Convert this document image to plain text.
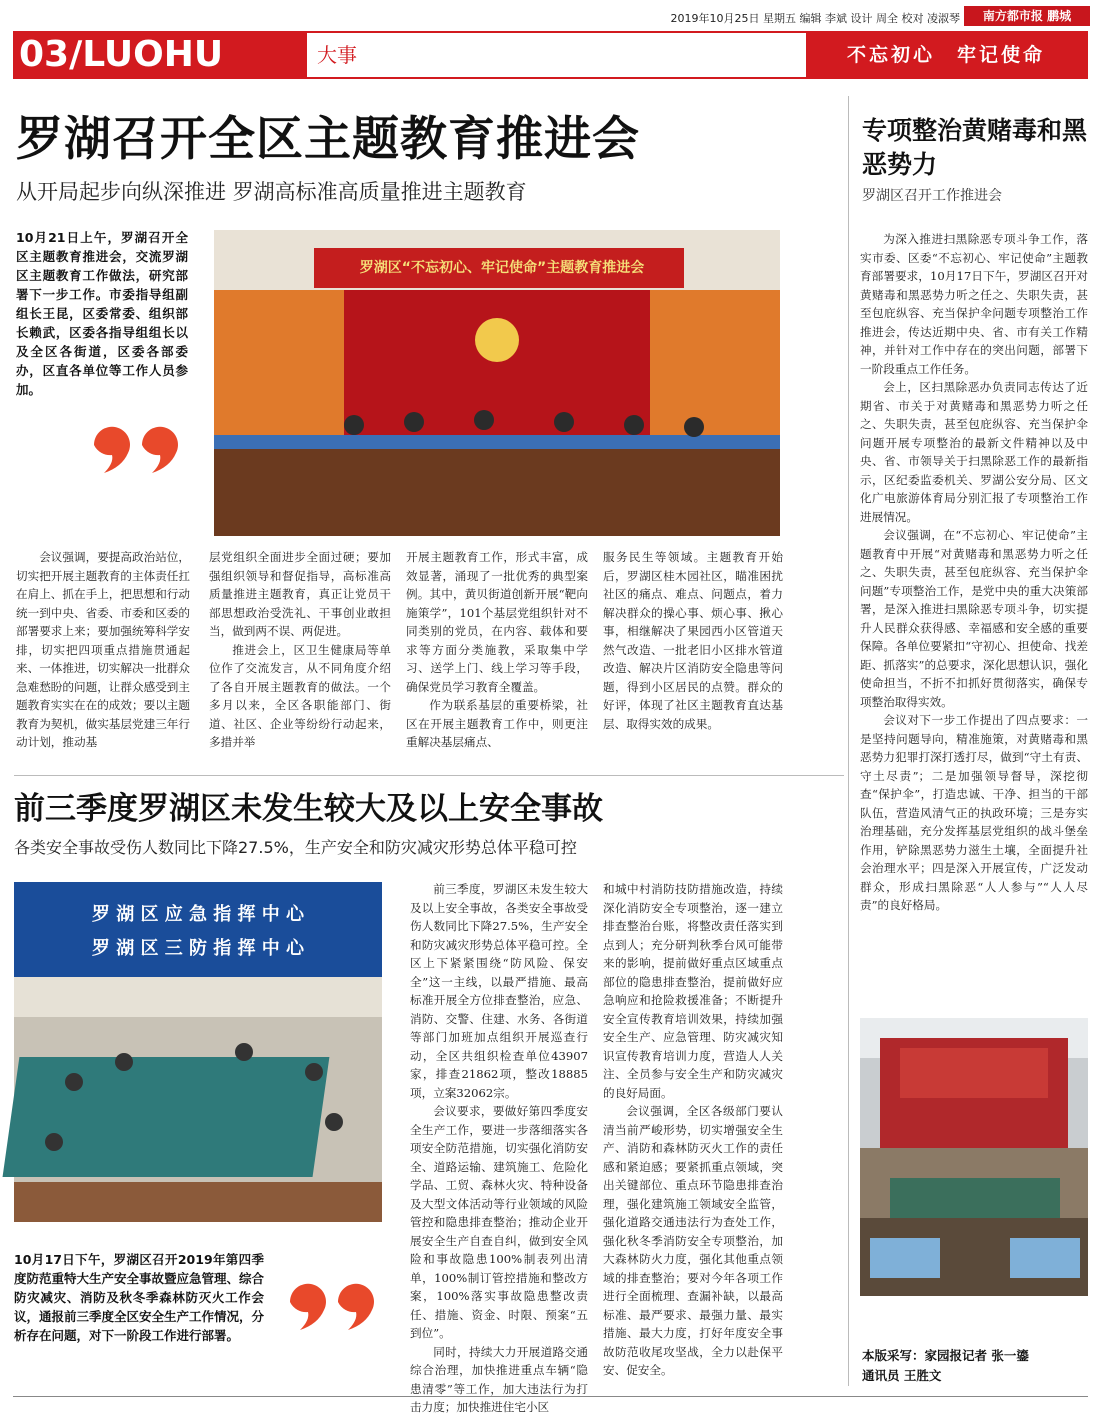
2019年10月25日 星期五 编辑 李斌 设计 周全 校对 凌淑琴	南方都市报 鹏城
03/LUOHU	大事	不忘初心　牢记使命
罗湖召开全区主题教育推进会
从开局起步向纵深推进 罗湖高标准高质量推进主题教育
10月21日上午，罗湖召开全区主题教育推进会，交流罗湖区主题教育工作做法，研究部署下一步工作。市委指导组副组长王昆，区委常委、组织部长赖武，区委各指导组组长以及全区各街道，区委各部委办，区直各单位等工作人员参加。
罗湖区“不忘初心、牢记使命”主题教育推进会

会议强调，要提高政治站位，切实把开展主题教育的主体责任扛在肩上、抓在手上，把思想和行动统一到中央、省委、市委和区委的部署要求上来；要加强统筹科学安排，切实把四项重点措施贯通起来、一体推进，切实解决一批群众急难愁盼的问题，让群众感受到主题教育实实在在的成效；要以主题教育为契机，做实基层党建三年行动计划，推动基

层党组织全面进步全面过硬；要加强组织领导和督促指导，高标准高质量推进主题教育，真正让党员干部思想政治受洗礼、干事创业敢担当，做到两不误、两促进。

推进会上，区卫生健康局等单位作了交流发言，从不同角度介绍了各自开展主题教育的做法。一个多月以来，全区各职能部门、街道、社区、企业等纷纷行动起来，多措并举

开展主题教育工作，形式丰富，成效显著，涌现了一批优秀的典型案例。其中，黄贝街道创新开展“靶向施策学”，101个基层党组织针对不同类别的党员，在内容、载体和要求等方面分类施教，采取集中学习、送学上门、线上学习等手段，确保党员学习教育全覆盖。

作为联系基层的重要桥梁，社区在开展主题教育工作中，则更注重解决基层痛点、

服务民生等领域。主题教育开始后，罗湖区桂木园社区，瞄准困扰社区的痛点、难点、问题点，着力解决群众的操心事、烦心事、揪心事，相继解决了果园西小区管道天然气改造、一批老旧小区排水管道改造、解决片区消防安全隐患等问题，得到小区居民的点赞。群众的好评，体现了社区主题教育直达基层、取得实效的成果。

前三季度罗湖区未发生较大及以上安全事故
各类安全事故受伤人数同比下降27.5%，生产安全和防灾减灾形势总体平稳可控
罗 湖 区 应 急 指 挥 中 心
罗 湖 区 三 防 指 挥 中 心
10月17日下午，罗湖区召开2019年第四季度防范重特大生产安全事故暨应急管理、综合防灾减灾、消防及秋冬季森林防灭火工作会议，通报前三季度全区安全生产工作情况，分析存在问题，对下一阶段工作进行部署。

前三季度，罗湖区未发生较大及以上安全事故，各类安全事故受伤人数同比下降27.5%，生产安全和防灾减灾形势总体平稳可控。全区上下紧紧围绕“防风险、保安全”这一主线，以最严措施、最高标准开展全方位排查整治，应急、消防、交警、住建、水务、各街道等部门加班加点组织开展巡查行动，全区共组织检查单位43907家，排查21862项，整改18885项，立案32062宗。

会议要求，要做好第四季度安全生产工作，要进一步落细落实各项安全防范措施，切实强化消防安全、道路运输、建筑施工、危险化学品、工贸、森林火灾、特种设备及大型文体活动等行业领域的风险管控和隐患排查整治；推动企业开展安全生产自查自纠，做到安全风险和事故隐患100%制表列出清单，100%制订管控措施和整改方案，100%落实事故隐患整改责任、措施、资金、时限、预案“五到位”。

同时，持续大力开展道路交通综合治理，加快推进重点车辆“隐患清零”等工作，加大违法行为打击力度；加快推进住宅小区

和城中村消防技防措施改造，持续深化消防安全专项整治，逐一建立排查整治台账，将整改责任落实到点到人；充分研判秋季台风可能带来的影响，提前做好重点区域重点部位的隐患排查整治，提前做好应急响应和抢险救援准备；不断提升安全宣传教育培训效果，持续加强安全生产、应急管理、防灾减灾知识宣传教育培训力度，营造人人关注、全员参与安全生产和防灾减灾的良好局面。

会议强调，全区各级部门要认清当前严峻形势，切实增强安全生产、消防和森林防灭火工作的责任感和紧迫感；要紧抓重点领域，突出关键部位、重点环节隐患排查治理，强化建筑施工领域安全监管，强化道路交通违法行为查处工作，强化秋冬季消防安全专项整治，加大森林防火力度，强化其他重点领域的排查整治；要对今年各项工作进行全面梳理、查漏补缺，以最高标准、最严要求、最强力量、最实措施、最大力度，打好年度安全事故防范收尾攻坚战，全力以赴保平安、促安全。

专项整治黄赌毒和黑恶势力
罗湖区召开工作推进会

为深入推进扫黑除恶专项斗争工作，落实市委、区委“不忘初心、牢记使命”主题教育部署要求，10月17日下午，罗湖区召开对黄赌毒和黑恶势力听之任之、失职失责，甚至包庇纵容、充当保护伞问题专项整治工作推进会，传达近期中央、省、市有关工作精神，并针对工作中存在的突出问题，部署下一阶段重点工作任务。

会上，区扫黑除恶办负责同志传达了近期省、市关于对黄赌毒和黑恶势力听之任之、失职失责，甚至包庇纵容、充当保护伞问题开展专项整治的最新文件精神以及中央、省、市领导关于扫黑除恶工作的最新指示，区纪委监委机关、罗湖公安分局、区文化广电旅游体育局分别汇报了专项整治工作进展情况。

会议强调，在“不忘初心、牢记使命”主题教育中开展“对黄赌毒和黑恶势力听之任之、失职失责，甚至包庇纵容、充当保护伞问题”专项整治工作，是党中央的重大决策部署，是深入推进扫黑除恶专项斗争，切实提升人民群众获得感、幸福感和安全感的重要保障。各单位要紧扣“守初心、担使命、找差距、抓落实”的总要求，深化思想认识，强化使命担当，不折不扣抓好贯彻落实，确保专项整治取得实效。

会议对下一步工作提出了四点要求：一是坚持问题导向，精准施策，对黄赌毒和黑恶势力犯罪打深打透打尽，做到“守土有责、守土尽责”；二是加强领导督导，深挖彻查“保护伞”，打造忠诚、干净、担当的干部队伍，营造风清气正的执政环境；三是夯实治理基础，充分发挥基层党组织的战斗堡垒作用，铲除黑恶势力滋生土壤，全面提升社会治理水平；四是深入开展宣传，广泛发动群众，形成扫黑除恶“人人参与”“人人尽责”的良好格局。

本版采写：家园报记者 张一鎏
通讯员 王胜文
